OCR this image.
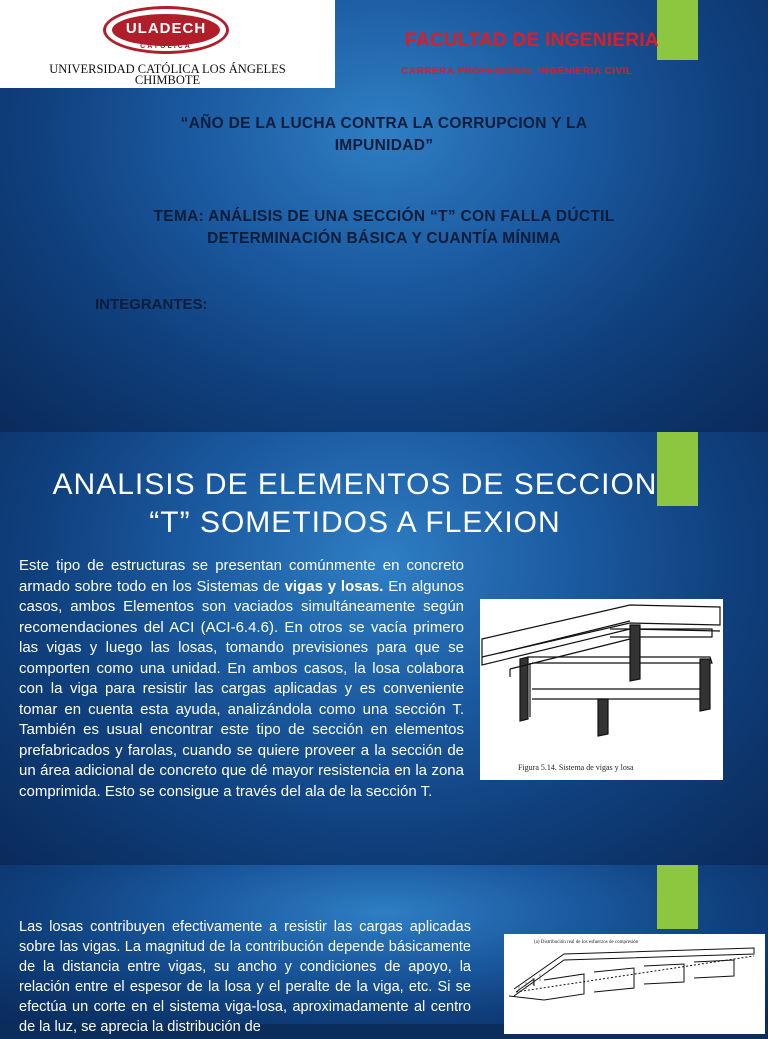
ULADECH
CATÓLICA
UNIVERSIDAD CATÓLICA LOS ÁNGELES
CHIMBOTE
FACULTAD DE INGENIERIA
CARRERA PROFESIONAL INGENIERIA CIVIL
“AÑO DE LA LUCHA CONTRA LA CORRUPCION Y LA
IMPUNIDAD”
TEMA: ANÁLISIS DE UNA SECCIÓN “T” CON FALLA DÚCTIL
DETERMINACIÓN BÁSICA Y CUANTÍA MÍNIMA
INTEGRANTES:
ANALISIS DE ELEMENTOS DE SECCION
“T” SOMETIDOS A FLEXION
Este tipo de estructuras se presentan comúnmente en concreto armado sobre todo en los Sistemas de vigas y losas. En algunos casos, ambos Elementos son vaciados simultáneamente según recomendaciones del ACI (ACI-6.4.6). En otros se vacía primero las vigas y luego las losas, tomando previsiones para que se comporten como una unidad. En ambos casos, la losa colabora con la viga para resistir las cargas aplicadas y es conveniente tomar en cuenta esta ayuda, analizándola como una sección T. También es usual encontrar este tipo de sección en elementos prefabricados y farolas, cuando se quiere proveer a la sección de un área adicional de concreto que dé mayor resistencia en la zona comprimida. Esto se consigue a través del ala de la sección T.
Figura 5.14. Sistema de vigas y losa
Las losas contribuyen efectivamente a resistir las cargas aplicadas sobre las vigas. La magnitud de la contribución depende básicamente de la distancia entre vigas, su ancho y condiciones de apoyo, la relación entre el espesor de la losa y el peralte de la viga, etc. Si se efectúa un corte en el sistema viga-losa, aproximadamente al centro de la luz, se aprecia la distribución de
(a) Distribución real de los esfuerzos de compresión
